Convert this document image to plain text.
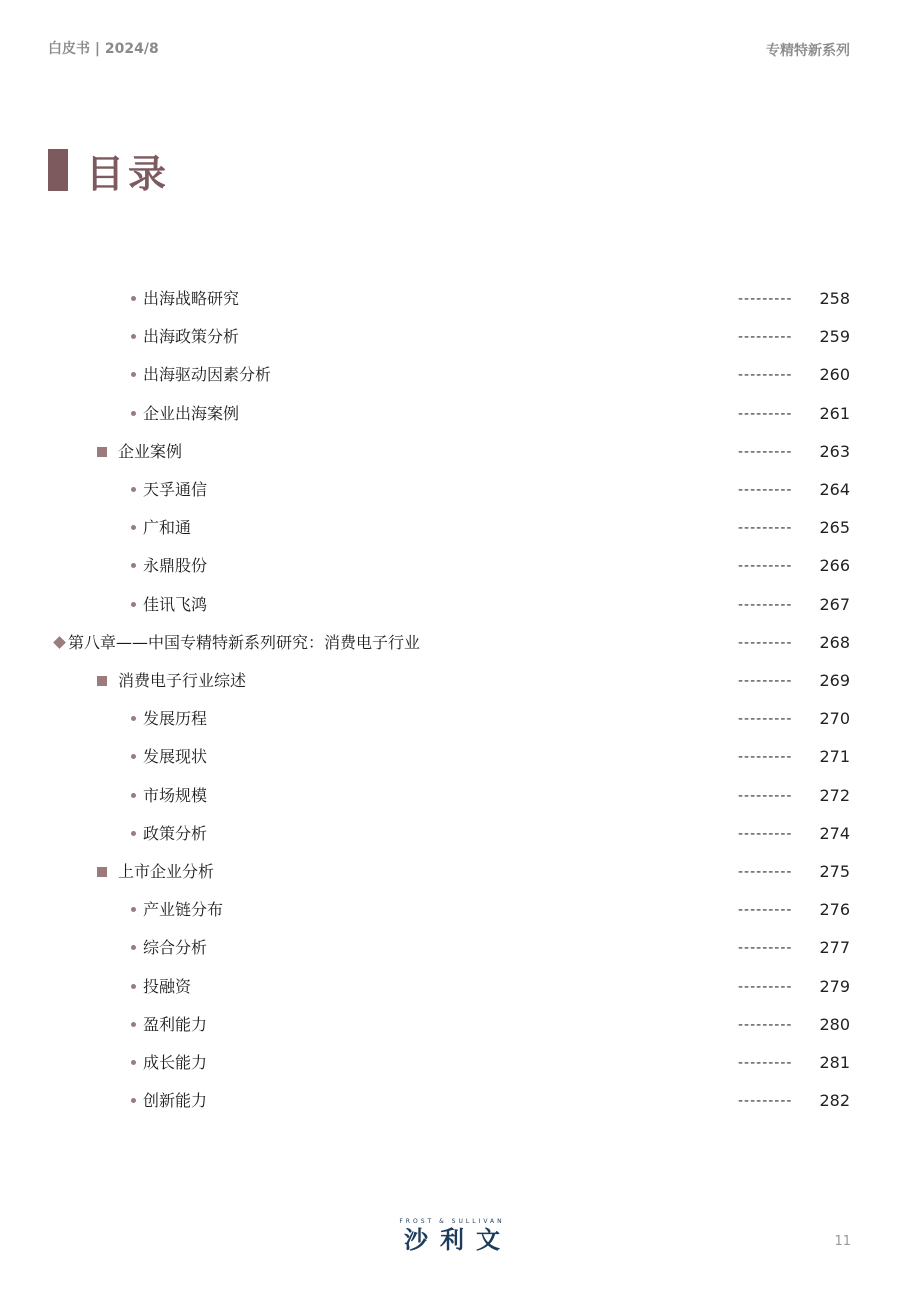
白皮书 | 2024/8	专精特新系列
目录
出海战略研究	--------- 258
出海政策分析	--------- 259
出海驱动因素分析	--------- 260
企业出海案例	--------- 261
企业案例	--------- 263
天孚通信	--------- 264
广和通	--------- 265
永鼎股份	--------- 266
佳讯飞鸿	--------- 267
第八章——中国专精特新系列研究：消费电子行业	--------- 268
消费电子行业综述	--------- 269
发展历程	--------- 270
发展现状	--------- 271
市场规模	--------- 272
政策分析	--------- 274
上市企业分析	--------- 275
产业链分布	--------- 276
综合分析	--------- 277
投融资	--------- 279
盈利能力	--------- 280
成长能力	--------- 281
创新能力	--------- 282
FROST & SULLIVAN
沙利文	11
